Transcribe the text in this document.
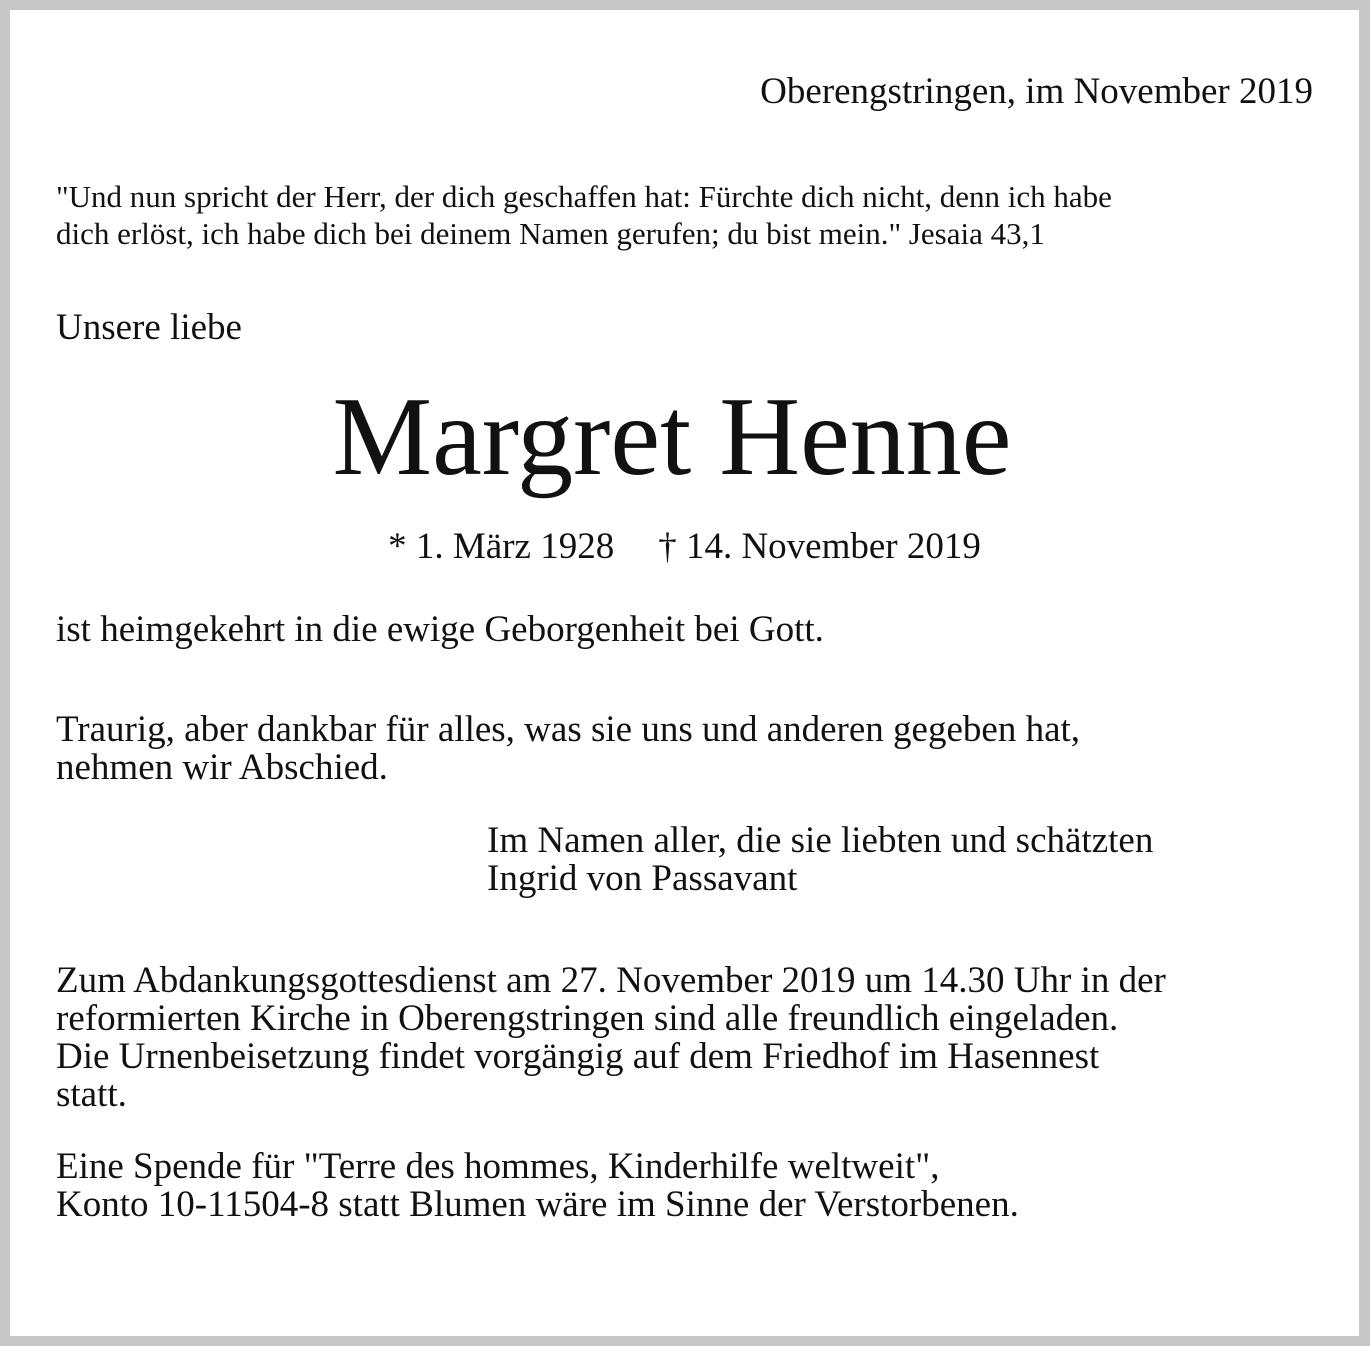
Oberengstringen, im November 2019

"Und nun spricht der Herr, der dich geschaffen hat: Fürchte dich nicht, denn ich habe
dich erlöst, ich habe dich bei deinem Namen gerufen; du bist mein." Jesaia 43,1

Unsere liebe

Margret Henne

* 1. März 1928 † 14. November 2019

ist heimgekehrt in die ewige Geborgenheit bei Gott.

Traurig, aber dankbar für alles, was sie uns und anderen gegeben hat,
nehmen wir Abschied.
Im Namen aller, die sie liebten und schätzten
Ingrid von Passavant
Zum Abdankungsgottesdienst am 27. November 2019 um 14.30 Uhr in der
reformierten Kirche in Oberengstringen sind alle freundlich eingeladen.
Die Urnenbeisetzung findet vorgängig auf dem Friedhof im Hasennest
statt.
Eine Spende für "Terre des hommes, Kinderhilfe weltweit",
Konto 10-11504-8 statt Blumen wäre im Sinne der Verstorbenen.
